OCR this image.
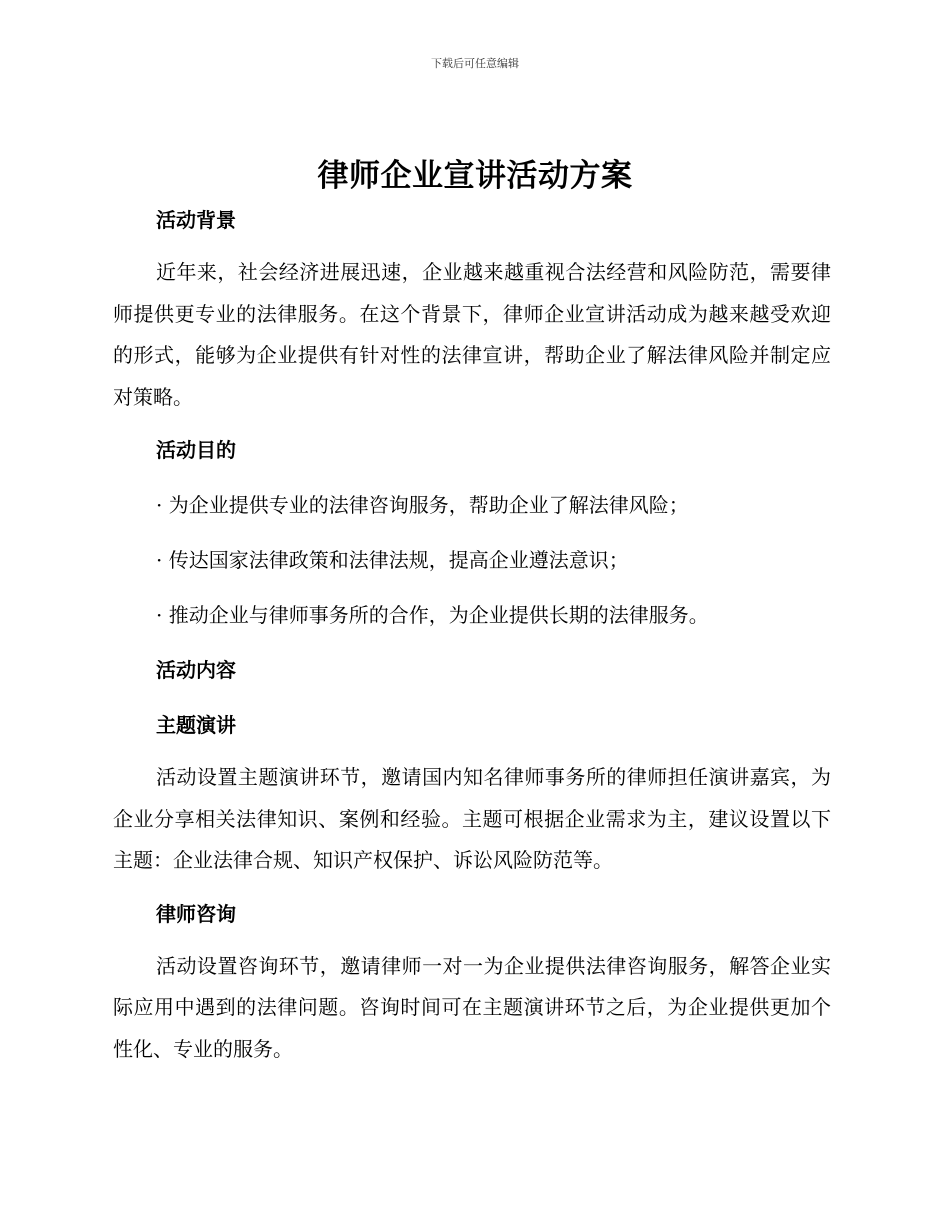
下载后可任意编辑
律师企业宣讲活动方案
活动背景

近年来，社会经济进展迅速，企业越来越重视合法经营和风险防范，需要律师提供更专业的法律服务。在这个背景下，律师企业宣讲活动成为越来越受欢迎的形式，能够为企业提供有针对性的法律宣讲，帮助企业了解法律风险并制定应对策略。

活动目的

· 为企业提供专业的法律咨询服务，帮助企业了解法律风险；

· 传达国家法律政策和法律法规，提高企业遵法意识；

· 推动企业与律师事务所的合作，为企业提供长期的法律服务。

活动内容
主题演讲

活动设置主题演讲环节，邀请国内知名律师事务所的律师担任演讲嘉宾，为企业分享相关法律知识、案例和经验。主题可根据企业需求为主，建议设置以下主题：企业法律合规、知识产权保护、诉讼风险防范等。

律师咨询

活动设置咨询环节，邀请律师一对一为企业提供法律咨询服务，解答企业实际应用中遇到的法律问题。咨询时间可在主题演讲环节之后，为企业提供更加个性化、专业的服务。
